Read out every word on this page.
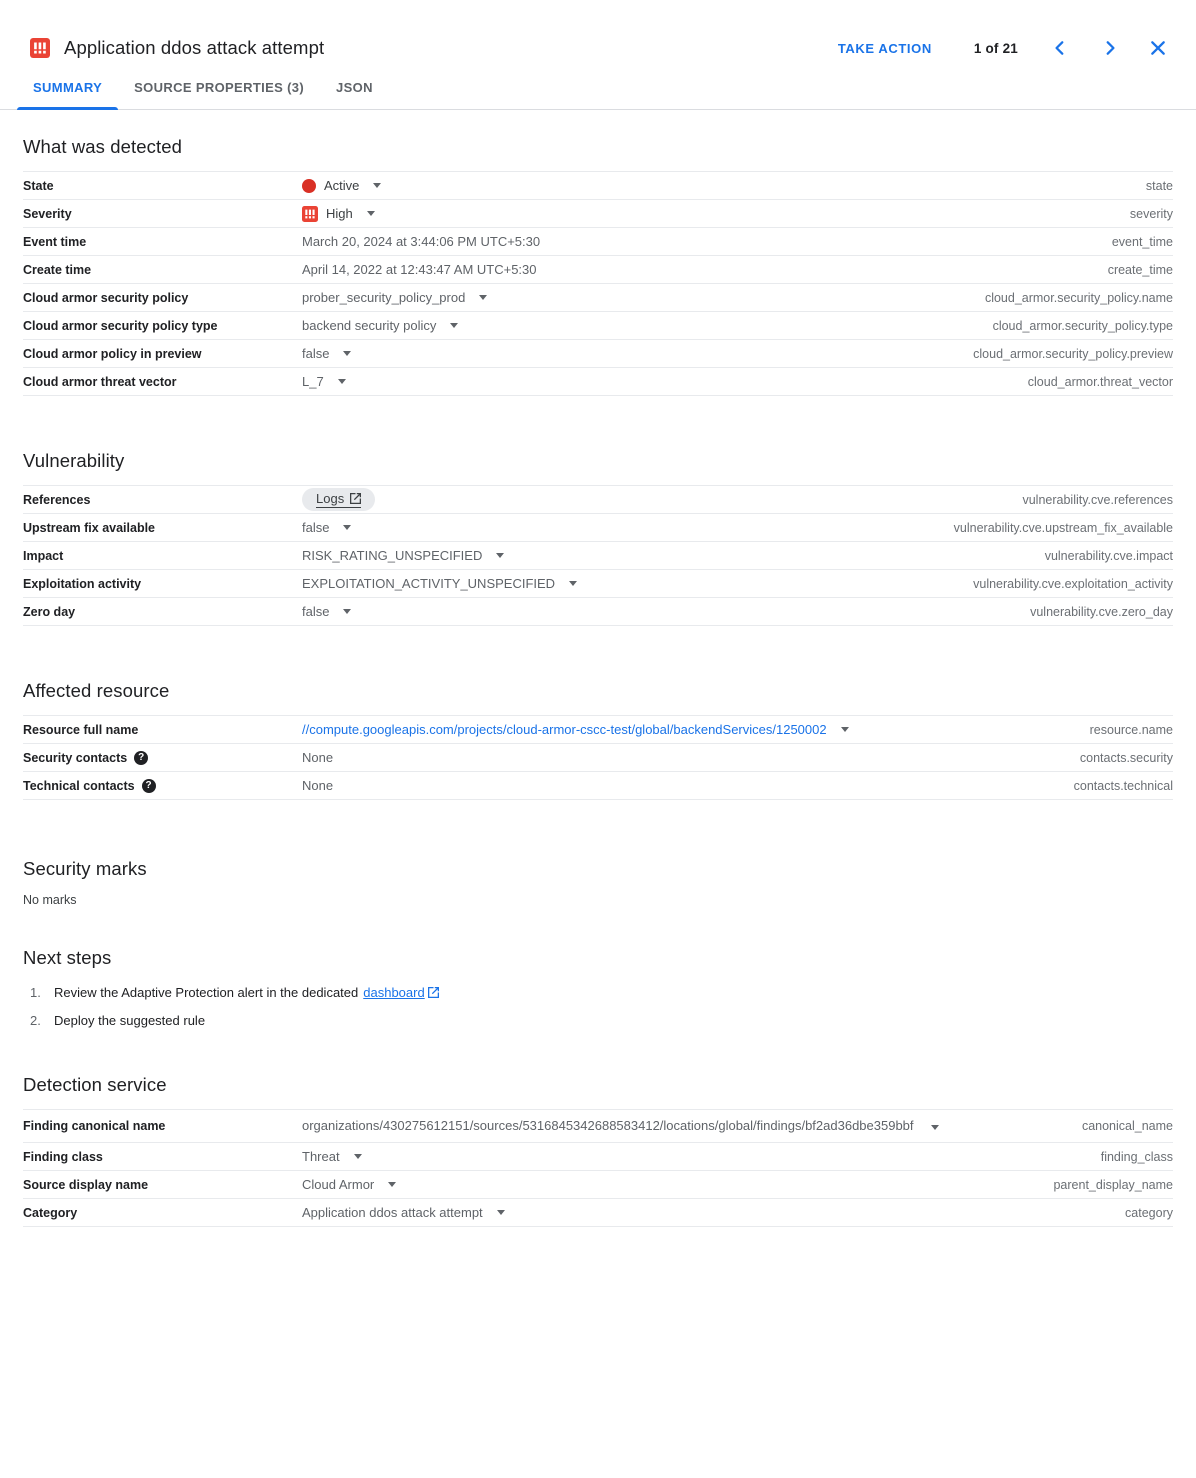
Application ddos attack attempt	TAKE ACTION	1 of 21
SUMMARY	SOURCE PROPERTIES (3)	JSON
What was detected
State	Active	state
Severity	High	severity
Event time	March 20, 2024 at 3:44:06 PM UTC+5:30	event_time
Create time	April 14, 2022 at 12:43:47 AM UTC+5:30	create_time
Cloud armor security policy	prober_security_policy_prod	cloud_armor.security_policy.name
Cloud armor security policy type	backend security policy	cloud_armor.security_policy.type
Cloud armor policy in preview	false	cloud_armor.security_policy.preview
Cloud armor threat vector	L_7	cloud_armor.threat_vector
Vulnerability
References	Logs	vulnerability.cve.references
Upstream fix available	false	vulnerability.cve.upstream_fix_available
Impact	RISK_RATING_UNSPECIFIED	vulnerability.cve.impact
Exploitation activity	EXPLOITATION_ACTIVITY_UNSPECIFIED	vulnerability.cve.exploitation_activity
Zero day	false	vulnerability.cve.zero_day
Affected resource
Resource full name	//compute.googleapis.com/projects/cloud-armor-cscc-test/global/backendServices/1250002	resource.name
Security contacts	?	None	contacts.security
Technical contacts	?	None	contacts.technical
Security marks
No marks
Next steps
1.	Review the Adaptive Protection alert in the dedicated dashboard
2.	Deploy the suggested rule
Detection service
Finding canonical name	organizations/430275612151/sources/5316845342688583412/locations/global/findings/bf2ad36dbe359bbf	canonical_name
Finding class	Threat	finding_class
Source display name	Cloud Armor	parent_display_name
Category	Application ddos attack attempt	category
